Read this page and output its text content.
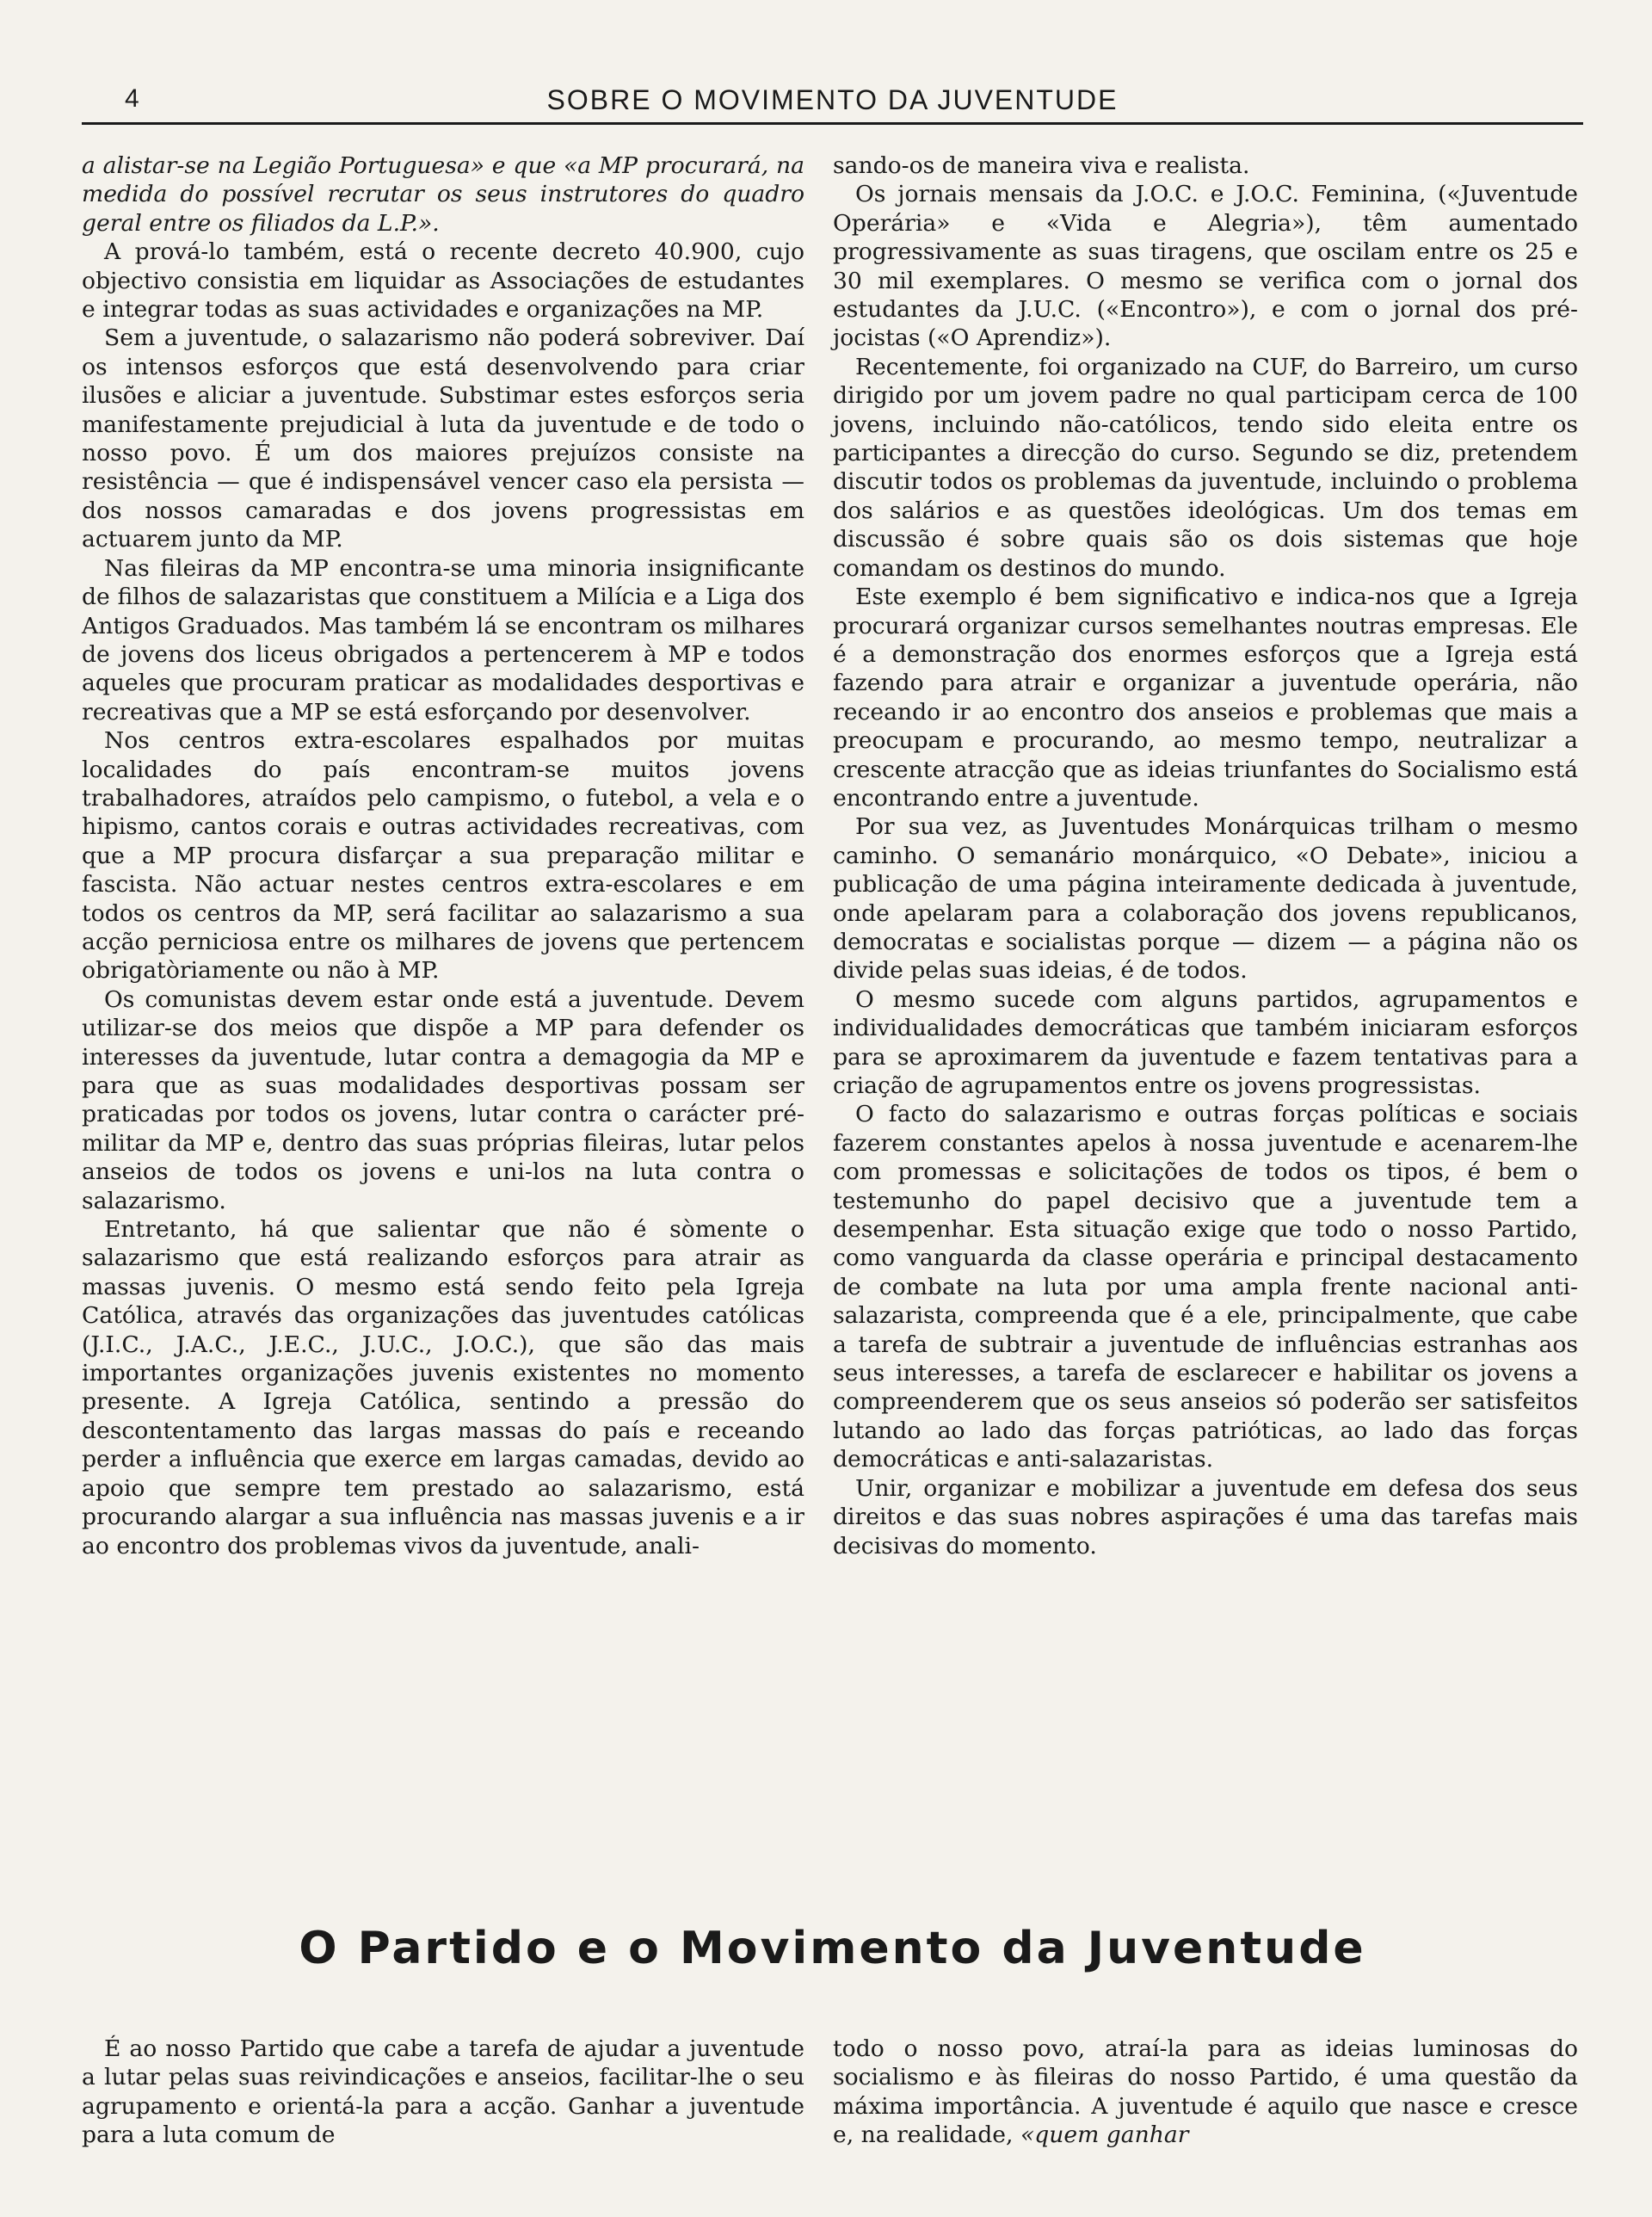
4	SOBRE O MOVIMENTO DA JUVENTUDE

a alistar-se na Legião Portuguesa» e que «a MP procurará, na medida do possível recrutar os seus instrutores do quadro geral entre os filiados da L.P.».

A prová-lo também, está o recente decreto 40.900, cujo objectivo consistia em liquidar as Associações de estudantes e integrar todas as suas actividades e organizações na MP.

Sem a juventude, o salazarismo não poderá sobreviver. Daí os intensos esforços que está desenvolvendo para criar ilusões e aliciar a juventude. Substimar estes esforços seria manifestamente prejudicial à luta da juventude e de todo o nosso povo. É um dos maiores prejuízos consiste na resistência — que é indispensável vencer caso ela persista — dos nossos camaradas e dos jovens progressistas em actuarem junto da MP.

Nas fileiras da MP encontra-se uma minoria insignificante de filhos de salazaristas que constituem a Milícia e a Liga dos Antigos Graduados. Mas também lá se encontram os milhares de jovens dos liceus obrigados a pertencerem à MP e todos aqueles que procuram praticar as modalidades desportivas e recreativas que a MP se está esforçando por desenvolver.

Nos centros extra-escolares espalhados por muitas localidades do país encontram-se muitos jovens trabalhadores, atraídos pelo campismo, o futebol, a vela e o hipismo, cantos corais e outras actividades recreativas, com que a MP procura disfarçar a sua preparação militar e fascista. Não actuar nestes centros extra-escolares e em todos os centros da MP, será facilitar ao salazarismo a sua acção perniciosa entre os milhares de jovens que pertencem obrigatòriamente ou não à MP.

Os comunistas devem estar onde está a juventude. Devem utilizar-se dos meios que dispõe a MP para defender os interesses da juventude, lutar contra a demagogia da MP e para que as suas modalidades desportivas possam ser praticadas por todos os jovens, lutar contra o carácter pré-militar da MP e, dentro das suas próprias fileiras, lutar pelos anseios de todos os jovens e uni-los na luta contra o salazarismo.

Entretanto, há que salientar que não é sòmente o salazarismo que está realizando esforços para atrair as massas juvenis. O mesmo está sendo feito pela Igreja Católica, através das organizações das juventudes católicas (J.I.C., J.A.C., J.E.C., J.U.C., J.O.C.), que são das mais importantes organizações juvenis existentes no momento presente. A Igreja Católica, sentindo a pressão do descontentamento das largas massas do país e receando perder a influência que exerce em largas camadas, devido ao apoio que sempre tem prestado ao salazarismo, está procurando alargar a sua influência nas massas juvenis e a ir ao encontro dos problemas vivos da juventude, anali-

sando-os de maneira viva e realista.

Os jornais mensais da J.O.C. e J.O.C. Feminina, («Juventude Operária» e «Vida e Alegria»), têm aumentado progressivamente as suas tiragens, que oscilam entre os 25 e 30 mil exemplares. O mesmo se verifica com o jornal dos estudantes da J.U.C. («Encontro»), e com o jornal dos pré-jocistas («O Aprendiz»).

Recentemente, foi organizado na CUF, do Barreiro, um curso dirigido por um jovem padre no qual participam cerca de 100 jovens, incluindo não-católicos, tendo sido eleita entre os participantes a direcção do curso. Segundo se diz, pretendem discutir todos os problemas da juventude, incluindo o problema dos salários e as questões ideológicas. Um dos temas em discussão é sobre quais são os dois sistemas que hoje comandam os destinos do mundo.

Este exemplo é bem significativo e indica-nos que a Igreja procurará organizar cursos semelhantes noutras empresas. Ele é a demonstração dos enormes esforços que a Igreja está fazendo para atrair e organizar a juventude operária, não receando ir ao encontro dos anseios e problemas que mais a preocupam e procurando, ao mesmo tempo, neutralizar a crescente atracção que as ideias triunfantes do Socialismo está encontrando entre a juventude.

Por sua vez, as Juventudes Monárquicas trilham o mesmo caminho. O semanário monárquico, «O Debate», iniciou a publicação de uma página inteiramente dedicada à juventude, onde apelaram para a colaboração dos jovens republicanos, democratas e socialistas porque — dizem — a página não os divide pelas suas ideias, é de todos.

O mesmo sucede com alguns partidos, agrupamentos e individualidades democráticas que também iniciaram esforços para se aproximarem da juventude e fazem tentativas para a criação de agrupamentos entre os jovens progressistas.

O facto do salazarismo e outras forças políticas e sociais fazerem constantes apelos à nossa juventude e acenarem-lhe com promessas e solicitações de todos os tipos, é bem o testemunho do papel decisivo que a juventude tem a desempenhar. Esta situação exige que todo o nosso Partido, como vanguarda da classe operária e principal destacamento de combate na luta por uma ampla frente nacional anti-salazarista, compreenda que é a ele, principalmente, que cabe a tarefa de subtrair a juventude de influências estranhas aos seus interesses, a tarefa de esclarecer e habilitar os jovens a compreenderem que os seus anseios só poderão ser satisfeitos lutando ao lado das forças patrióticas, ao lado das forças democráticas e anti-salazaristas.

Unir, organizar e mobilizar a juventude em defesa dos seus direitos e das suas nobres aspirações é uma das tarefas mais decisivas do momento.

O Partido e o Movimento da Juventude

É ao nosso Partido que cabe a tarefa de ajudar a juventude a lutar pelas suas reivindicações e anseios, facilitar-lhe o seu agrupamento e orientá-la para a acção. Ganhar a juventude para a luta comum de

todo o nosso povo, atraí-la para as ideias luminosas do socialismo e às fileiras do nosso Partido, é uma questão da máxima importância. A juventude é aquilo que nasce e cresce e, na realidade, «quem ganhar
